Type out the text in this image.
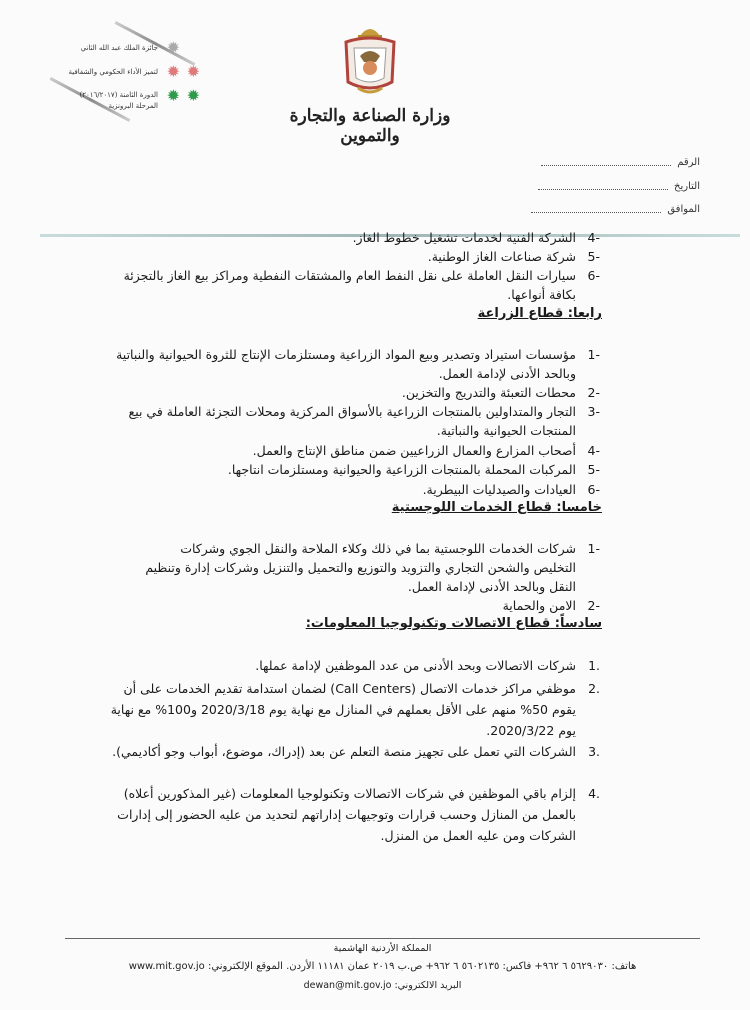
✹
✹ ✹
✹ ✹
جائزة الملك عبد الله الثاني
لتميز الأداء الحكومي والشفافية
الدورة الثامنة (٢٠١٦/٢٠١٧)
المرحلة البرونزية	وزارة الصناعة والتجارة والتموين
الرقم
التاريخ
الموافق
4-
الشركة الفنية لخدمات تشغيل خطوط الغاز.
5-
شركة صناعات الغاز الوطنية.
6-
سيارات النقل العاملة على نقل النفط العام والمشتقات النفطية ومراكز بيع الغاز بالتجزئة بكافة أنواعها.
رابعا: قطاع الزراعة
1-
مؤسسات استيراد وتصدير وبيع المواد الزراعية ومستلزمات الإنتاج للثروة الحيوانية والنباتية وبالحد الأدنى لإدامة العمل.
2-
محطات التعبئة والتدريج والتخزين.
3-
التجار والمتداولين بالمنتجات الزراعية بالأسواق المركزية ومحلات التجزئة العاملة في بيع المنتجات الحيوانية والنباتية.
4-
أصحاب المزارع والعمال الزراعيين ضمن مناطق الإنتاج والعمل.
5-
المركبات المحملة بالمنتجات الزراعية والحيوانية ومستلزمات انتاجها.
6-
العيادات والصيدليات البيطرية.
خامسا: قطاع الخدمات اللوجستية
1-
شركات الخدمات اللوجستية بما في ذلك وكلاء الملاحة والنقل الجوي وشركات التخليص والشحن التجاري والتزويد والتوزيع والتحميل والتنزيل وشركات إدارة وتنظيم النقل وبالحد الأدنى لإدامة العمل.
2-
الامن والحماية
سادساً: قطاع الاتصالات وتكنولوجيا المعلومات:
1.
شركات الاتصالات وبحد الأدنى من عدد الموظفين لإدامة عملها.
2.
موظفي مراكز خدمات الاتصال (Call Centers) لضمان استدامة تقديم الخدمات على أن يقوم 50% منهم على الأقل بعملهم في المنازل مع نهاية يوم 2020/3/18 و100% مع نهاية يوم 2020/3/22.
3.
الشركات التي تعمل على تجهيز منصة التعلم عن بعد (إدراك، موضوع، أبواب وجو أكاديمي).
4.
إلزام باقي الموظفين في شركات الاتصالات وتكنولوجيا المعلومات (غير المذكورين أعلاه) بالعمل من المنازل وحسب قرارات وتوجيهات إداراتهم لتحديد من عليه الحضور إلى إدارات الشركات ومن عليه العمل من المنزل.
المملكة الأردنية الهاشمية
هاتف: ٥٦٢٩٠٣٠ ٦ ٩٦٢+ فاكس: ٥٦٠٢١٣٥ ٦ ٩٦٢+ ص.ب ٢٠١٩ عمان ١١١٨١ الأردن. الموقع الإلكتروني: www.mit.gov.jo
البريد الالكتروني: dewan@mit.gov.jo
